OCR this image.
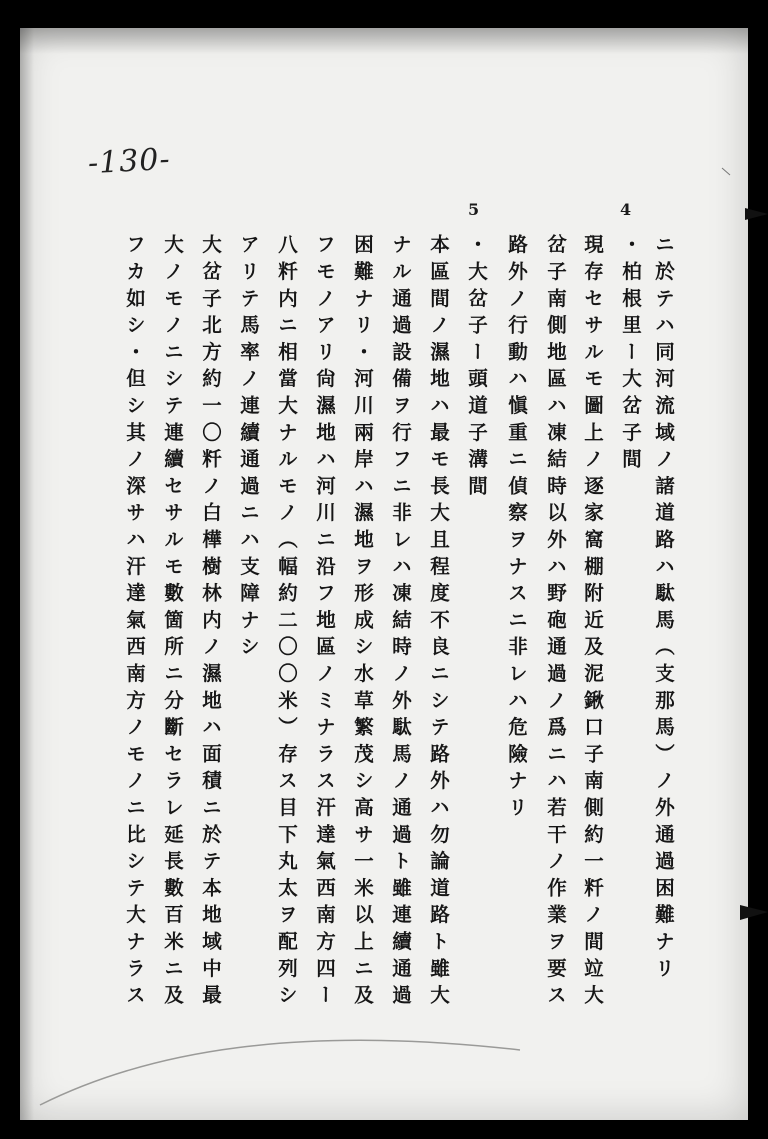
-130-
4
5
ニ於テハ同河流域ノ諸道路ハ駄馬（支那馬）ノ外通過困難ナリ
・柏根里ー大岔子間
現存セサルモ圖上ノ逐家窩棚附近及泥鍬口子南側約一粁ノ間竝大
岔子南側地區ハ凍結時以外ハ野砲通過ノ爲ニハ若干ノ作業ヲ要ス
路外ノ行動ハ愼重ニ偵察ヲナスニ非レハ危險ナリ
・大岔子ー頭道子溝間
本區間ノ濕地ハ最モ長大且程度不良ニシテ路外ハ勿論道路ト雖大
ナル通過設備ヲ行フニ非レハ凍結時ノ外駄馬ノ通過ト雖連續通過
困難ナリ・河川兩岸ハ濕地ヲ形成シ水草繁茂シ高サ一米以上ニ及
フモノアリ尙濕地ハ河川ニ沿フ地區ノミナラス汗達氣西南方四ー
八粁内ニ相當大ナルモノ（幅約二〇〇米）存ス目下丸太ヲ配列シ
アリテ馬率ノ連續通過ニハ支障ナシ
大岔子北方約一〇粁ノ白樺樹林内ノ濕地ハ面積ニ於テ本地域中最
大ノモノニシテ連續セサルモ數箇所ニ分斷セラレ延長數百米ニ及
フカ如シ・但シ其ノ深サハ汗達氣西南方ノモノニ比シテ大ナラス
